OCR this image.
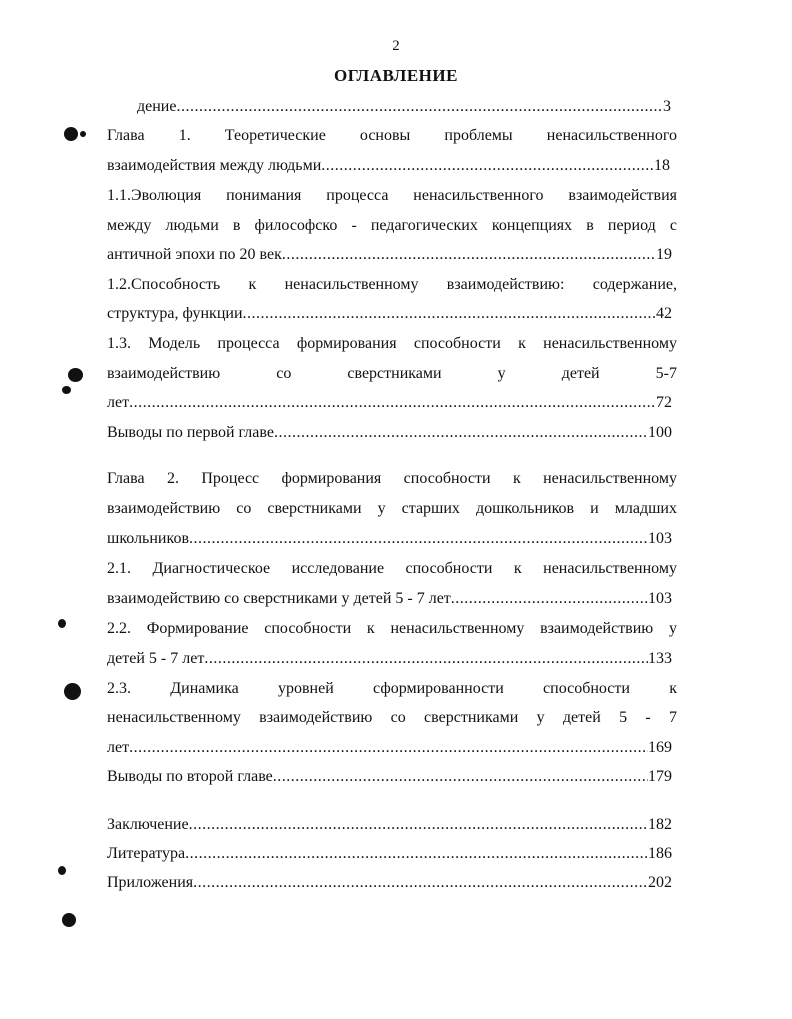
2
ОГЛАВЛЕНИЕ
дение .....	3
Глава 1. Теоретические основы проблемы ненасильственного
взаимодействия между людьми .....	18
1.1.Эволюция понимания процесса ненасильственного взаимодействия
между людьми в философско - педагогических концепциях в период с
античной эпохи по 20 век .....	19
1.2.Способность к ненасильственному взаимодействию: содержание,
структура, функции .....	42
1.3. Модель процесса формирования способности к ненасильственному
взаимодействию со сверстниками у детей 5-7
лет .....	72
Выводы по первой главе .....	100
Глава 2. Процесс формирования способности к ненасильственному
взаимодействию со сверстниками у старших дошкольников и младших
школьников .....	103
2.1. Диагностическое исследование способности к ненасильственному
взаимодействию со сверстниками у детей 5 - 7 лет .....	103
2.2. Формирование способности к ненасильственному взаимодействию у
детей 5 - 7 лет .....	133
2.3. Динамика уровней сформированности способности к
ненасильственному взаимодействию со сверстниками у детей 5 - 7
лет .....	169
Выводы по второй главе .....	179
Заключение .....	182
Литература .....	186
Приложения .....	202
